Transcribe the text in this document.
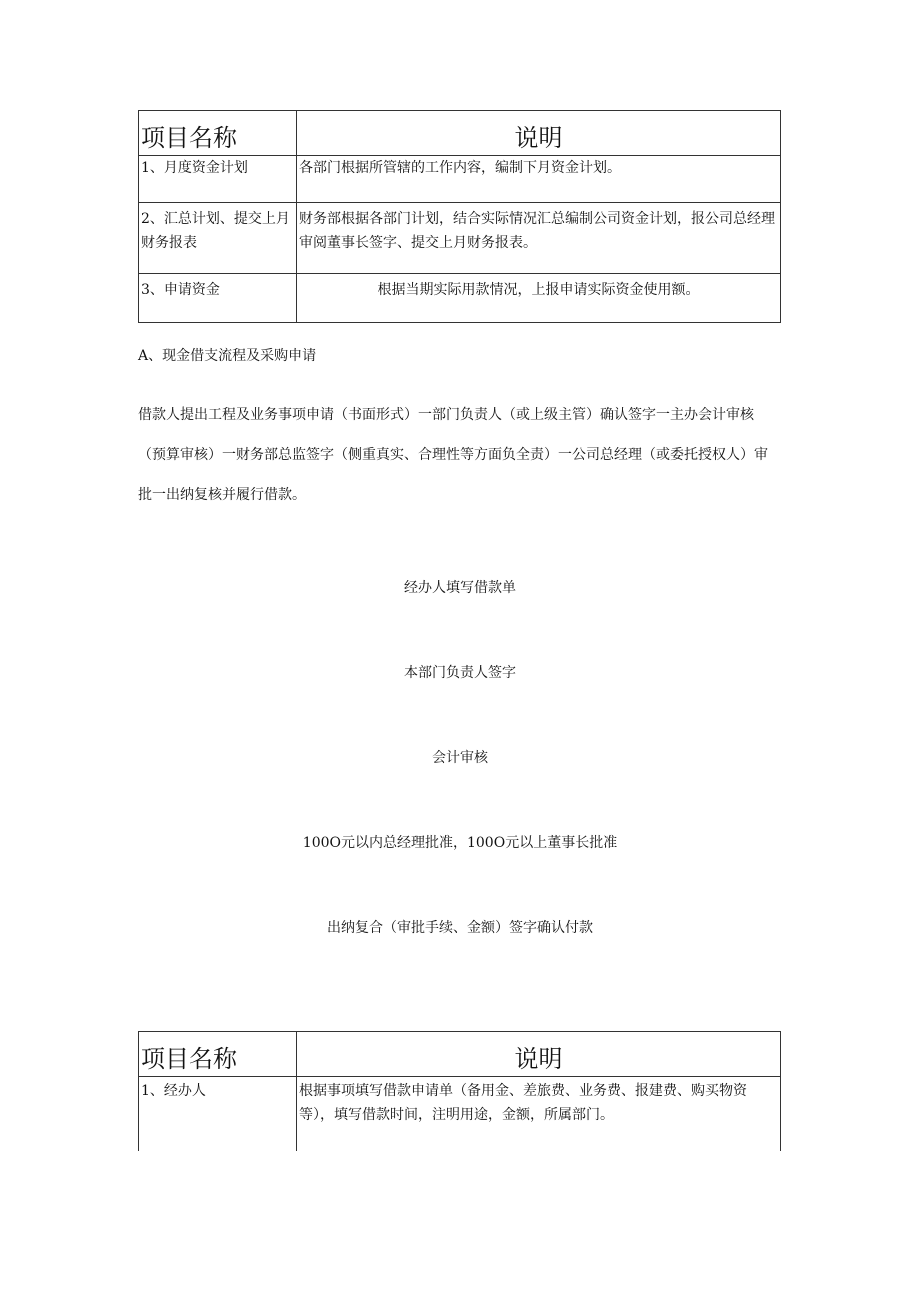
项目名称	说明
1、月度资金计划	各部门根据所管辖的工作内容，编制下月资金计划。
2、汇总计划、提交上月财务报表	财务部根据各部门计划，结合实际情况汇总编制公司资金计划，报公司总经理审阅董事长签字、提交上月财务报表。
3、申请资金	根据当期实际用款情况，上报申请实际资金使用额。

A、现金借支流程及采购申请

借款人提出工程及业务事项申请（书面形式）一部门负责人（或上级主管）确认签字一主办会计审核（预算审核）一财务部总监签字（侧重真实、合理性等方面负全责）一公司总经理（或委托授权人）审批一出纳复核并履行借款。

经办人填写借款单

本部门负责人签字

会计审核

100O元以内总经理批准，100O元以上董事长批准

出纳复合（审批手续、金额）签字确认付款

项目名称	说明
1、经办人	根据事项填写借款申请单（备用金、差旅费、业务费、报建费、购买物资等），填写借款时间，注明用途，金额，所属部门。
